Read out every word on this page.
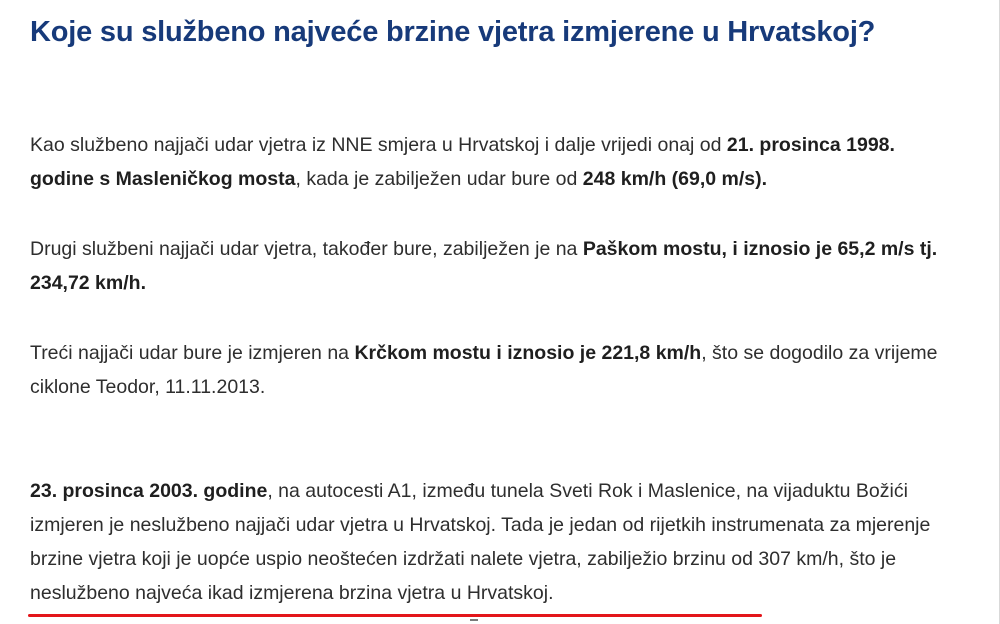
Koje su službeno najveće brzine vjetra izmjerene u Hrvatskoj?

Kao službeno najjači udar vjetra iz NNE smjera u Hrvatskoj i dalje vrijedi onaj od 21. prosinca 1998. godine s Masleničkog mosta, kada je zabilježen udar bure od 248 km/h (69,0 m/s).

Drugi službeni najjači udar vjetra, također bure, zabilježen je na Paškom mostu, i iznosio je 65,2 m/s tj. 234,72 km/h.

Treći najjači udar bure je izmjeren na Krčkom mostu i iznosio je 221,8 km/h, što se dogodilo za vrijeme ciklone Teodor, 11.11.2013.

23. prosinca 2003. godine, na autocesti A1, između tunela Sveti Rok i Maslenice, na vijaduktu Božići izmjeren je neslužbeno najjači udar vjetra u Hrvatskoj. Tada je jedan od rijetkih instrumenata za mjerenje brzine vjetra koji je uopće uspio neoštećen izdržati nalete vjetra, zabilježio brzinu od 307 km/h, što je neslužbeno najveća ikad izmjerena brzina vjetra u Hrvatskoj.
